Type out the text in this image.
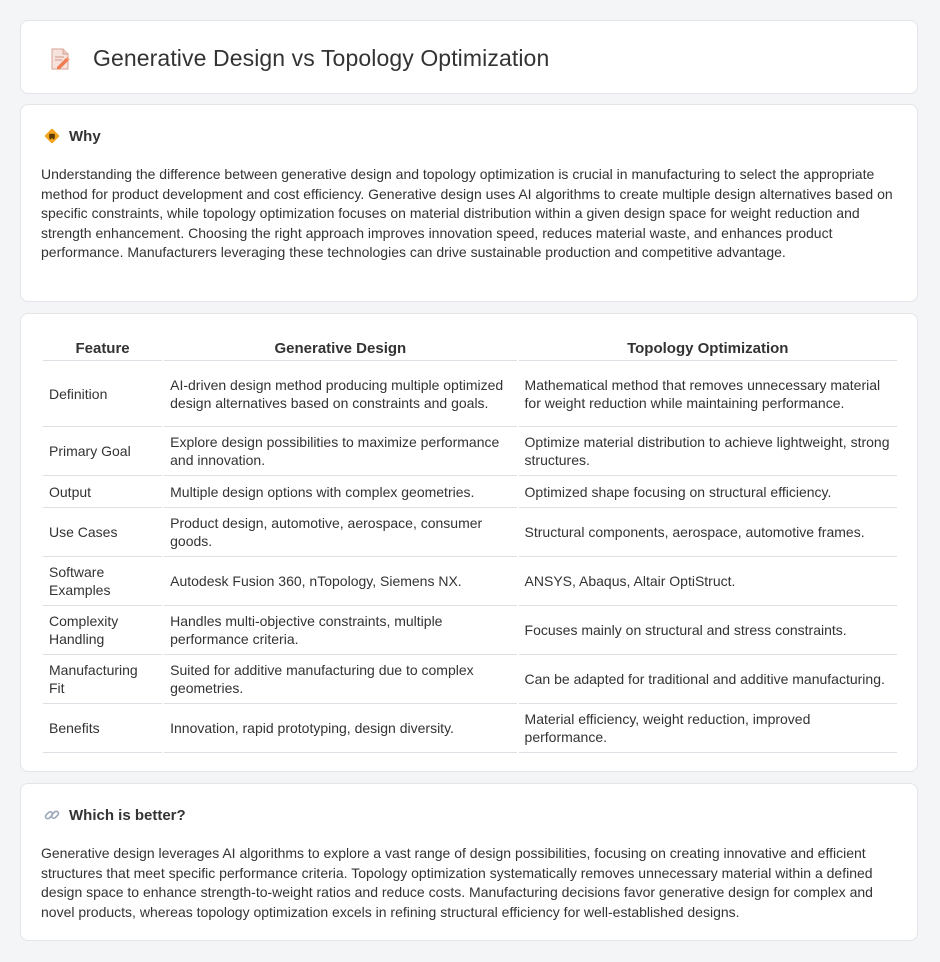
Generative Design vs Topology Optimization
Why
Understanding the difference between generative design and topology optimization is crucial in manufacturing to select the appropriate method for product development and cost efficiency. Generative design uses AI algorithms to create multiple design alternatives based on specific constraints, while topology optimization focuses on material distribution within a given design space for weight reduction and strength enhancement. Choosing the right approach improves innovation speed, reduces material waste, and enhances product performance. Manufacturers leveraging these technologies can drive sustainable production and competitive advantage.
Feature	Generative Design	Topology Optimization
Definition	AI-driven design method producing multiple optimized design alternatives based on constraints and goals.	Mathematical method that removes unnecessary material for weight reduction while maintaining performance.
Primary Goal	Explore design possibilities to maximize performance and innovation.	Optimize material distribution to achieve lightweight, strong structures.
Output	Multiple design options with complex geometries.	Optimized shape focusing on structural efficiency.
Use Cases	Product design, automotive, aerospace, consumer goods.	Structural components, aerospace, automotive frames.
Software Examples	Autodesk Fusion 360, nTopology, Siemens NX.	ANSYS, Abaqus, Altair OptiStruct.
Complexity Handling	Handles multi-objective constraints, multiple performance criteria.	Focuses mainly on structural and stress constraints.
Manufacturing Fit	Suited for additive manufacturing due to complex geometries.	Can be adapted for traditional and additive manufacturing.
Benefits	Innovation, rapid prototyping, design diversity.	Material efficiency, weight reduction, improved performance.
Which is better?
Generative design leverages AI algorithms to explore a vast range of design possibilities, focusing on creating innovative and efficient structures that meet specific performance criteria. Topology optimization systematically removes unnecessary material within a defined design space to enhance strength-to-weight ratios and reduce costs. Manufacturing decisions favor generative design for complex and novel products, whereas topology optimization excels in refining structural efficiency for well-established designs.
